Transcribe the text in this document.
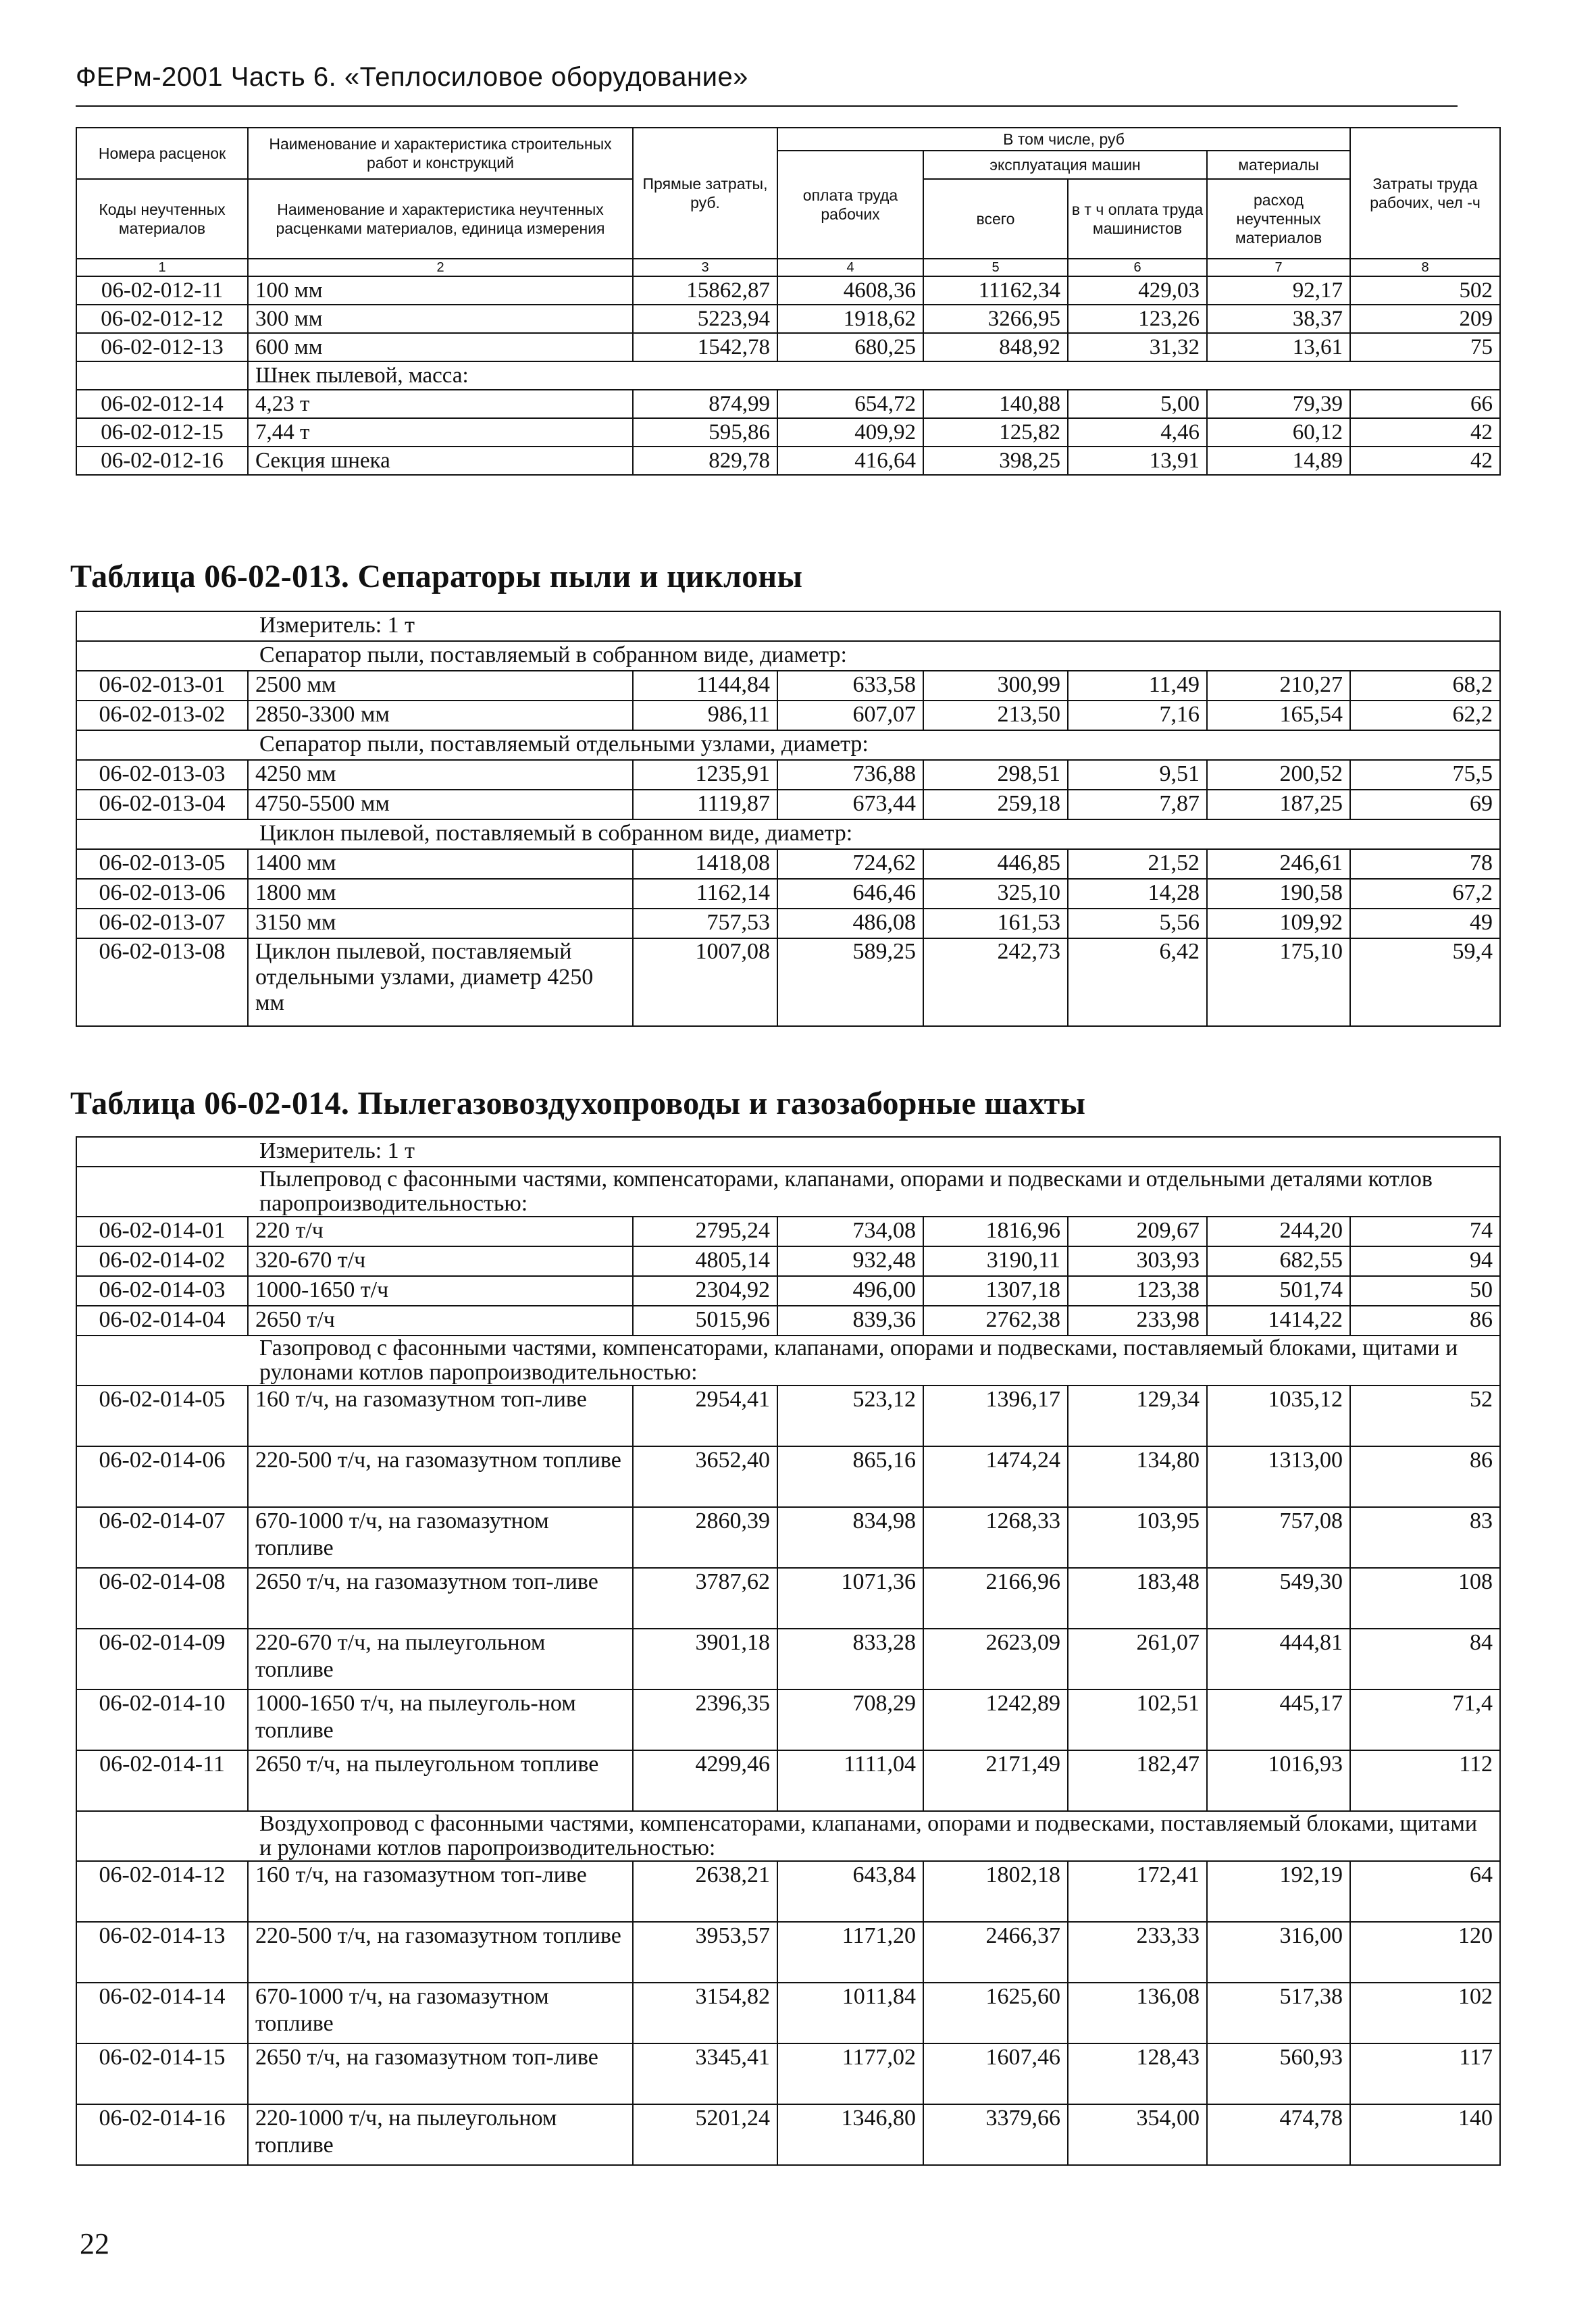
ФЕРм-2001 Часть 6. «Теплосиловое оборудование»
Номера расценок	Наименование и характеристика строительных работ и конструкций	Прямые затраты, руб.	В том числе, руб				Затраты труда рабочих, чел -ч
			оплата труда рабочих	эксплуатация машин		материалы	
Коды неучтенных материалов	Наименование и характеристика неучтенных расценками материалов, единица измерения			всего	в т ч оплата труда машинистов	расход неучтенных материалов	

1	2	3	4	5	6	7	8
06-02-012-11	100 мм	15862,87	4608,36	11162,34	429,03	92,17	502
06-02-012-12	300 мм	5223,94	1918,62	3266,95	123,26	38,37	209
06-02-012-13	600 мм	1542,78	680,25	848,92	31,32	13,61	75
	Шнек пылевой, масса:						
06-02-012-14	4,23 т	874,99	654,72	140,88	5,00	79,39	66
06-02-012-15	7,44 т	595,86	409,92	125,82	4,46	60,12	42
06-02-012-16	Секция шнека	829,78	416,64	398,25	13,91	14,89	42
Таблица 06-02-013. Сепараторы пыли и циклоны
Измеритель: 1 т							
Сепаратор пыли, поставляемый в собранном виде, диаметр:							
06-02-013-01	2500 мм	1144,84	633,58	300,99	11,49	210,27	68,2
06-02-013-02	2850-3300 мм	986,11	607,07	213,50	7,16	165,54	62,2
Сепаратор пыли, поставляемый отдельными узлами, диаметр:							
06-02-013-03	4250 мм	1235,91	736,88	298,51	9,51	200,52	75,5
06-02-013-04	4750-5500 мм	1119,87	673,44	259,18	7,87	187,25	69
Циклон пылевой, поставляемый в собранном виде, диаметр:							
06-02-013-05	1400 мм	1418,08	724,62	446,85	21,52	246,61	78
06-02-013-06	1800 мм	1162,14	646,46	325,10	14,28	190,58	67,2
06-02-013-07	3150 мм	757,53	486,08	161,53	5,56	109,92	49
06-02-013-08	Циклон пылевой, поставляемый отдельными узлами, диаметр 4250 мм	1007,08	589,25	242,73	6,42	175,10	59,4
Таблица 06-02-014. Пылегазовоздухопроводы и газозаборные шахты
Измеритель: 1 т							
Пылепровод с фасонными частями, компенсаторами, клапанами, опорами и подвесками и отдельными деталями котлов паропроизводительностью:							
06-02-014-01	220 т/ч	2795,24	734,08	1816,96	209,67	244,20	74
06-02-014-02	320-670 т/ч	4805,14	932,48	3190,11	303,93	682,55	94
06-02-014-03	1000-1650 т/ч	2304,92	496,00	1307,18	123,38	501,74	50
06-02-014-04	2650 т/ч	5015,96	839,36	2762,38	233,98	1414,22	86
Газопровод с фасонными частями, компенсаторами, клапанами, опорами и подвесками, поставляемый блоками, щитами и рулонами котлов паропроизводительностью:							
06-02-014-05	160 т/ч, на газомазутном топ-ливе	2954,41	523,12	1396,17	129,34	1035,12	52
06-02-014-06	220-500 т/ч, на газомазутном топливе	3652,40	865,16	1474,24	134,80	1313,00	86
06-02-014-07	670-1000 т/ч, на газомазутном топливе	2860,39	834,98	1268,33	103,95	757,08	83
06-02-014-08	2650 т/ч, на газомазутном топ-ливе	3787,62	1071,36	2166,96	183,48	549,30	108
06-02-014-09	220-670 т/ч, на пылеугольном топливе	3901,18	833,28	2623,09	261,07	444,81	84
06-02-014-10	1000-1650 т/ч, на пылеуголь-ном топливе	2396,35	708,29	1242,89	102,51	445,17	71,4
06-02-014-11	2650 т/ч, на пылеугольном топливе	4299,46	1111,04	2171,49	182,47	1016,93	112
Воздухопровод с фасонными частями, компенсаторами, клапанами, опорами и подвесками, поставляемый блоками, щитами и рулонами котлов паропроизводительностью:							
06-02-014-12	160 т/ч, на газомазутном топ-ливе	2638,21	643,84	1802,18	172,41	192,19	64
06-02-014-13	220-500 т/ч, на газомазутном топливе	3953,57	1171,20	2466,37	233,33	316,00	120
06-02-014-14	670-1000 т/ч, на газомазутном топливе	3154,82	1011,84	1625,60	136,08	517,38	102
06-02-014-15	2650 т/ч, на газомазутном топ-ливе	3345,41	1177,02	1607,46	128,43	560,93	117
06-02-014-16	220-1000 т/ч, на пылеугольном топливе	5201,24	1346,80	3379,66	354,00	474,78	140
22
